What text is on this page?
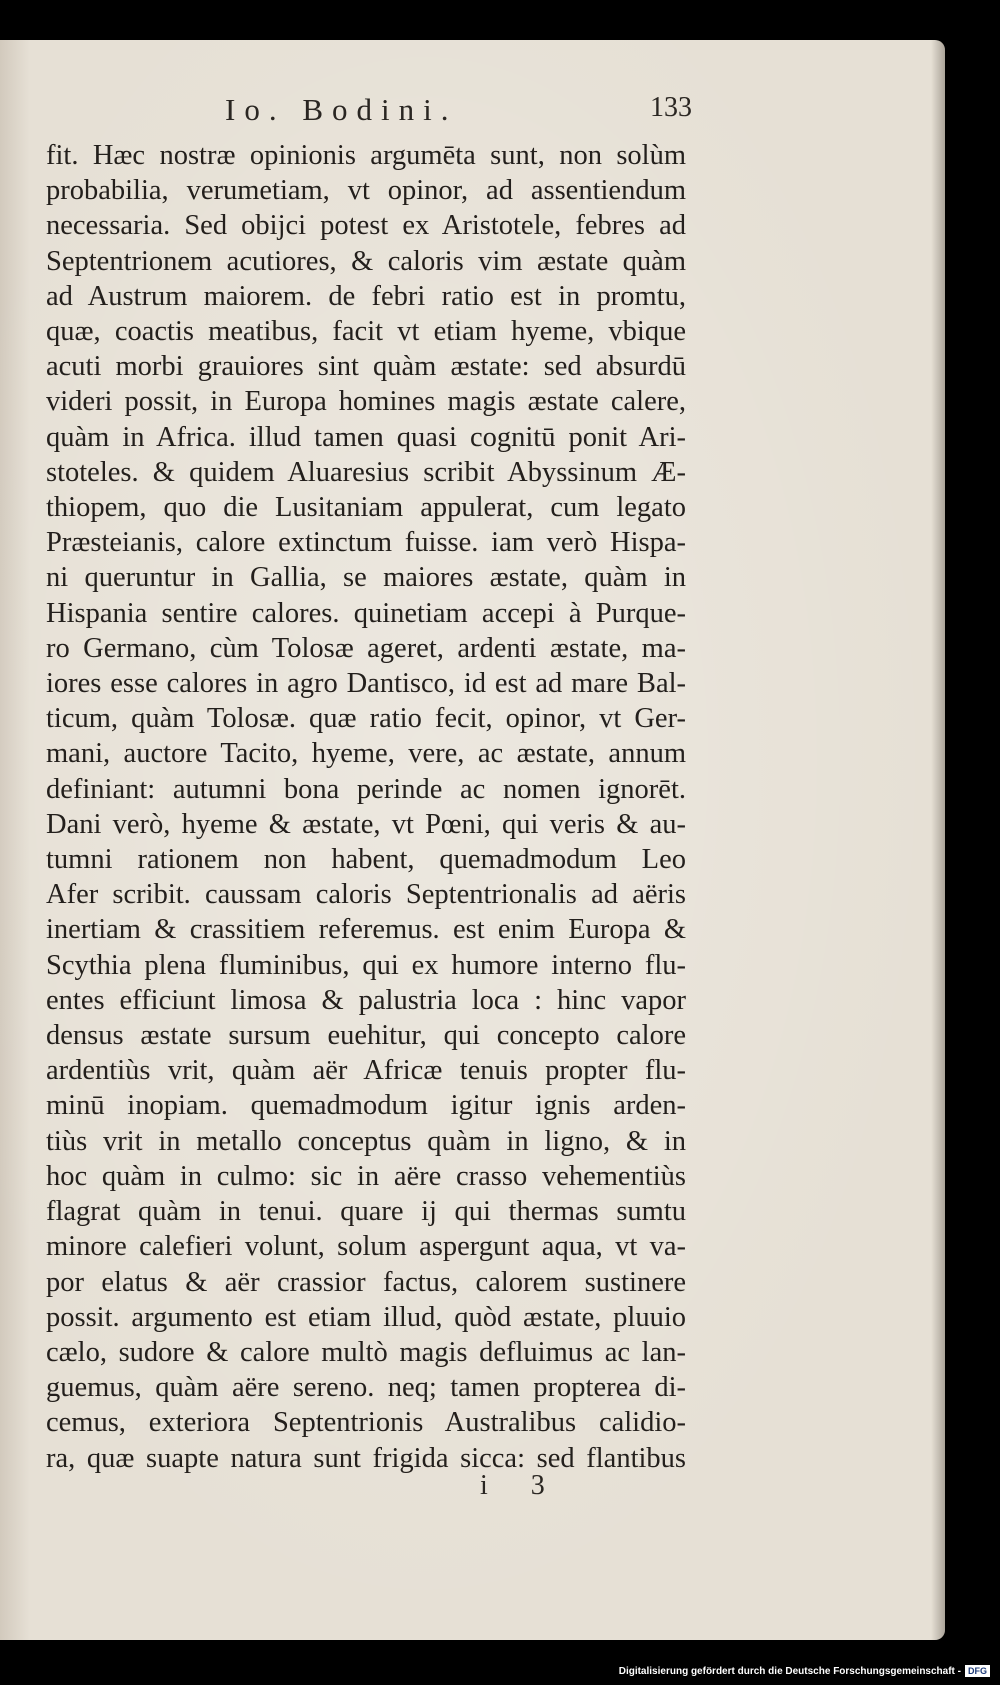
Io. Bodini.	133
fit. Hæc nostræ opinionis argumēta sunt, non solùm
probabilia, verumetiam, vt opinor, ad assentiendum
necessaria. Sed obijci potest ex Aristotele, febres ad
Septentrionem acutiores, & caloris vim æstate quàm
ad Austrum maiorem. de febri ratio est in promtu,
quæ, coactis meatibus, facit vt etiam hyeme, vbique
acuti morbi grauiores sint quàm æstate: sed absurdū
videri possit, in Europa homines magis æstate calere,
quàm in Africa. illud tamen quasi cognitū ponit Ari-
stoteles. & quidem Aluaresius scribit Abyssinum Æ-
thiopem, quo die Lusitaniam appulerat, cum legato
Præsteianis, calore extinctum fuisse. iam verò Hispa-
ni queruntur in Gallia, se maiores æstate, quàm in
Hispania sentire calores. quinetiam accepi à Purque-
ro Germano, cùm Tolosæ ageret, ardenti æstate, ma-
iores esse calores in agro Dantisco, id est ad mare Bal-
ticum, quàm Tolosæ. quæ ratio fecit, opinor, vt Ger-
mani, auctore Tacito, hyeme, vere, ac æstate, annum
definiant: autumni bona perinde ac nomen ignorēt.
Dani verò, hyeme & æstate, vt Pœni, qui veris & au-
tumni rationem non habent, quemadmodum Leo
Afer scribit. caussam caloris Septentrionalis ad aëris
inertiam & crassitiem referemus. est enim Europa &
Scythia plena fluminibus, qui ex humore interno flu-
entes efficiunt limosa & palustria loca : hinc vapor
densus æstate sursum euehitur, qui concepto calore
ardentiùs vrit, quàm aër Africæ tenuis propter flu-
minū inopiam. quemadmodum igitur ignis arden-
tiùs vrit in metallo conceptus quàm in ligno, & in
hoc quàm in culmo: sic in aëre crasso vehementiùs
flagrat quàm in tenui. quare ij qui thermas sumtu
minore calefieri volunt, solum aspergunt aqua, vt va-
por elatus & aër crassior factus, calorem sustinere
possit. argumento est etiam illud, quòd æstate, pluuio
cælo, sudore & calore multò magis defluimus ac lan-
guemus, quàm aëre sereno. neq; tamen propterea di-
cemus, exteriora Septentrionis Australibus calidio-
ra, quæ suapte natura sunt frigida sicca: sed flantibus
i 3
Digitalisierung gefördert durch die Deutsche Forschungsgemeinschaft - DFG
